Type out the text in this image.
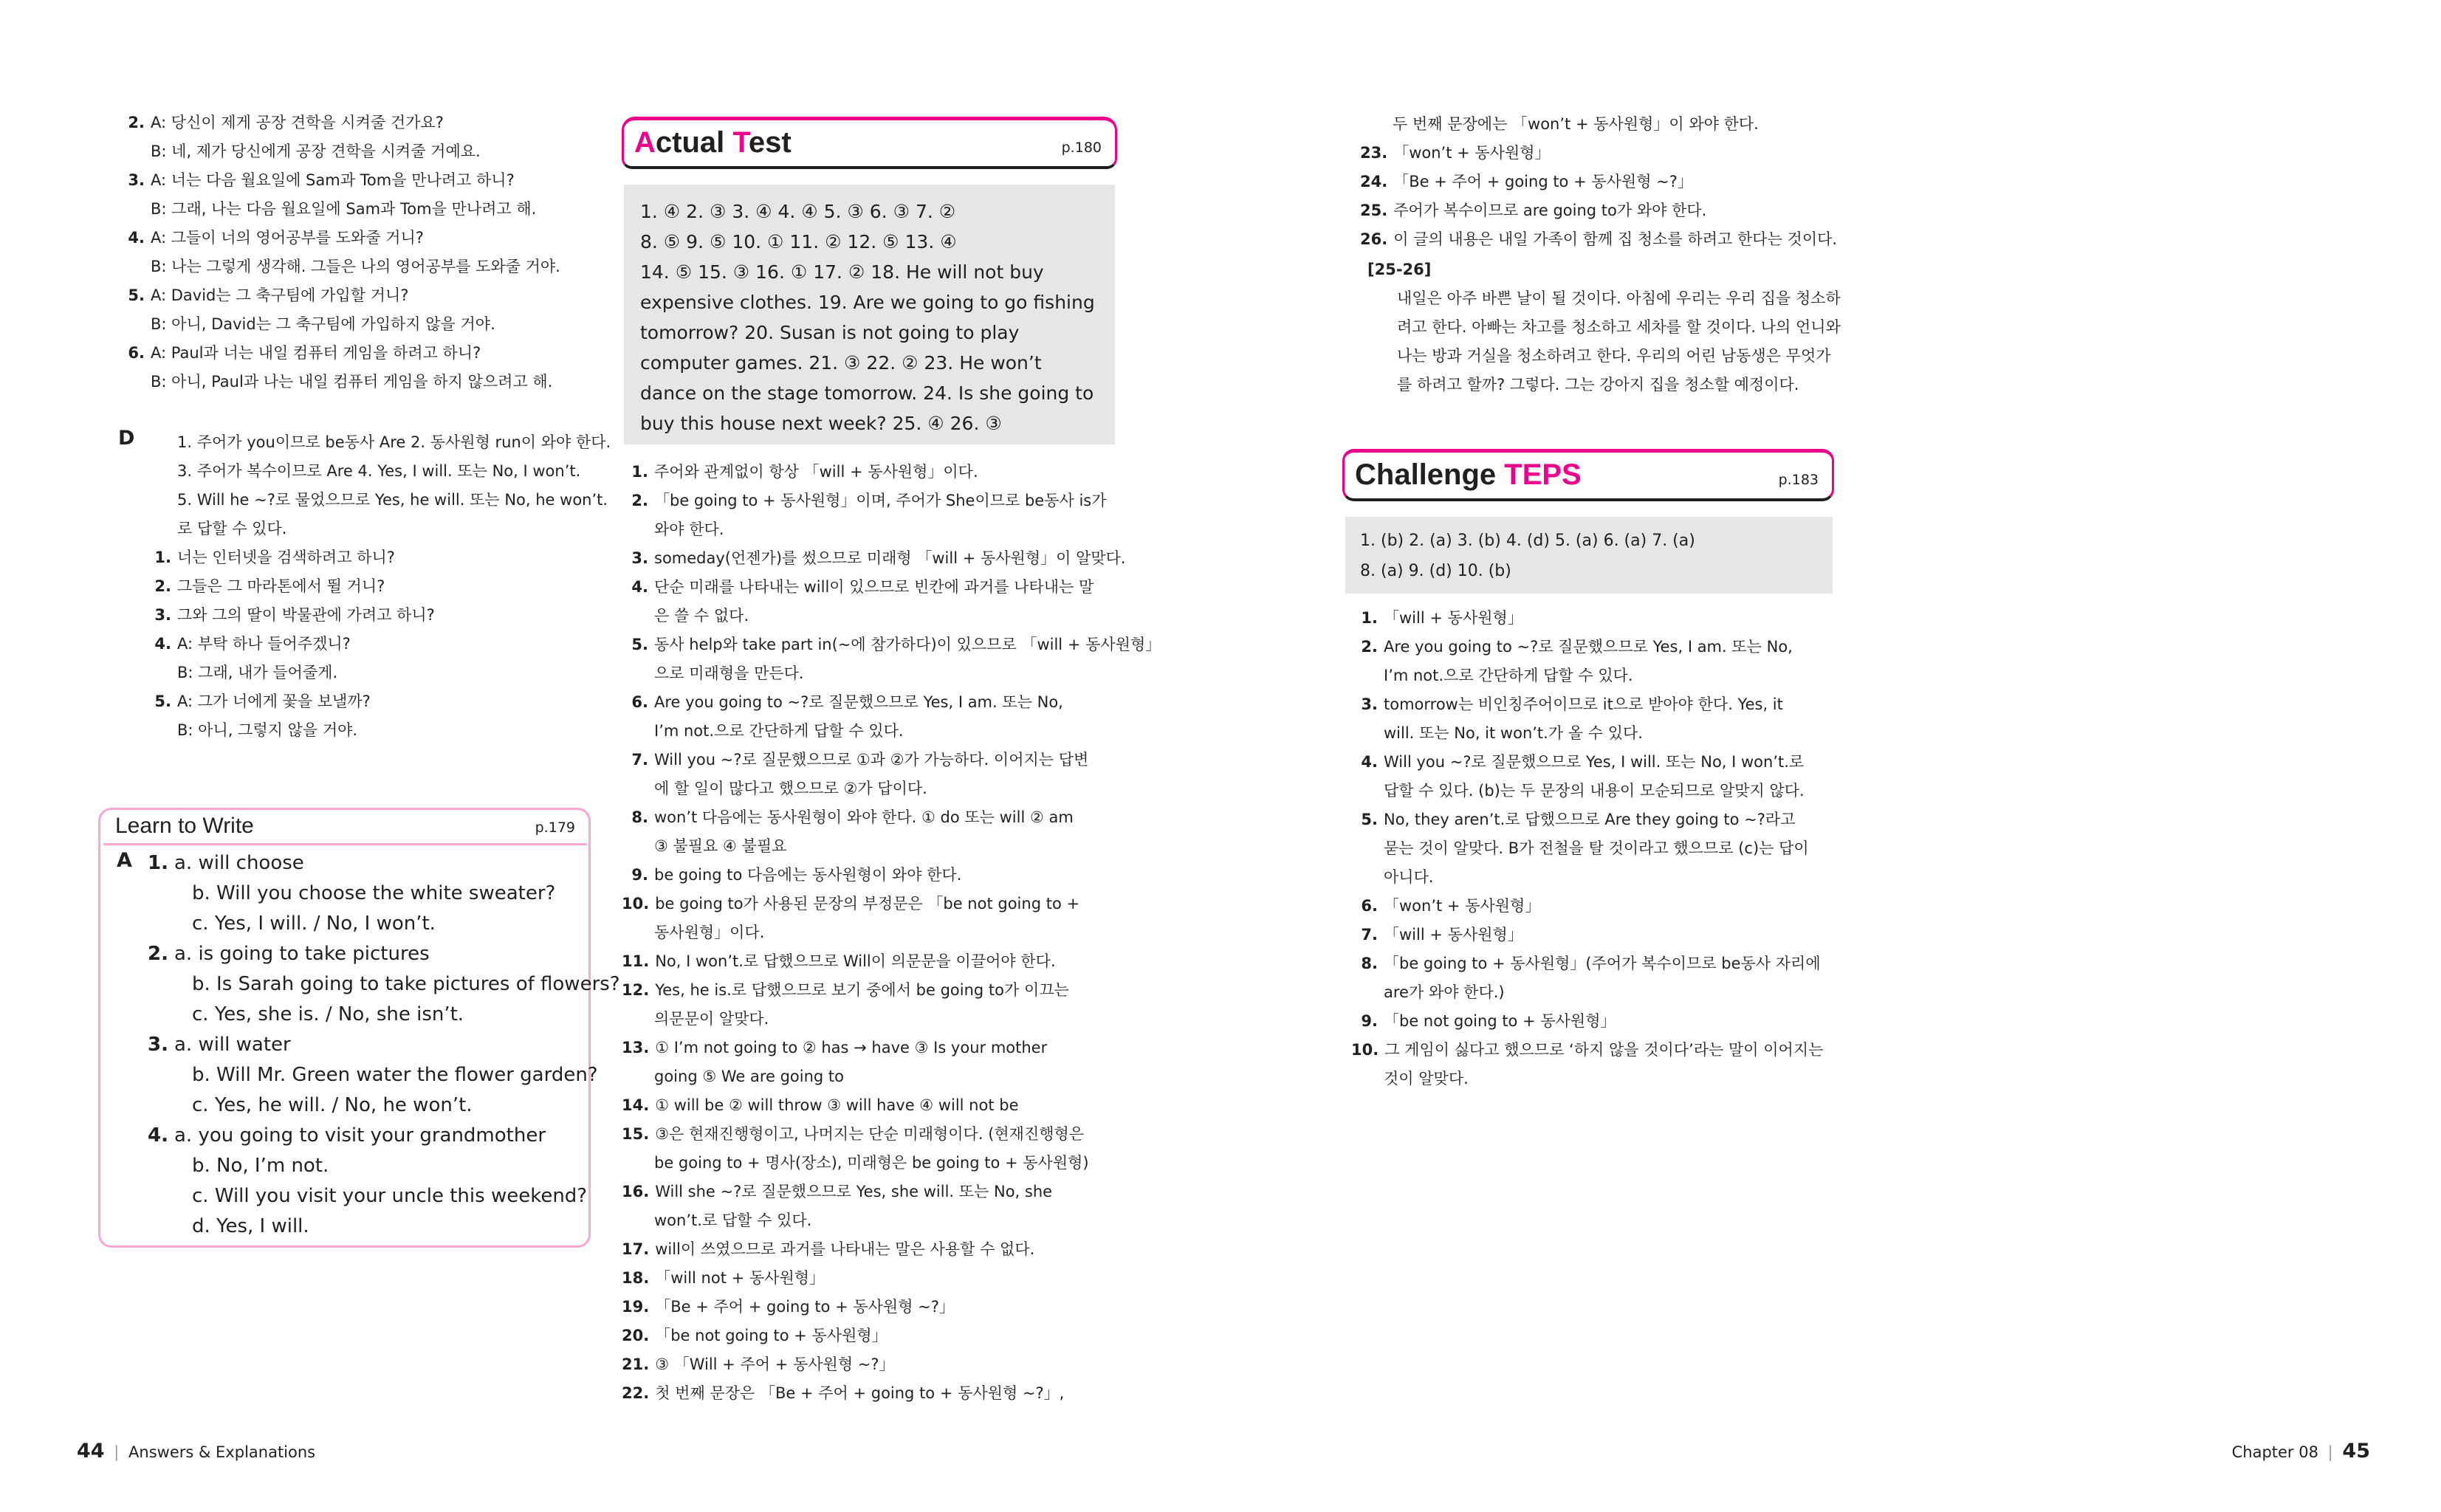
2. A: 당신이 제게 공장 견학을 시켜줄 건가요?
B: 네, 제가 당신에게 공장 견학을 시켜줄 거예요.
3. A: 너는 다음 월요일에 Sam과 Tom을 만나려고 하니?
B: 그래, 나는 다음 월요일에 Sam과 Tom을 만나려고 해.
4. A: 그들이 너의 영어공부를 도와줄 거니?
B: 나는 그렇게 생각해. 그들은 나의 영어공부를 도와줄 거야.
5. A: David는 그 축구팀에 가입할 거니?
B: 아니, David는 그 축구팀에 가입하지 않을 거야.
6. A: Paul과 너는 내일 컴퓨터 게임을 하려고 하니?
B: 아니, Paul과 나는 내일 컴퓨터 게임을 하지 않으려고 해.
D	1. 주어가 you이므로 be동사 Are 2. 동사원형 run이 와야 한다.
3. 주어가 복수이므로 Are 4. Yes, I will. 또는 No, I won’t.
5. Will he ~?로 물었으므로 Yes, he will. 또는 No, he won’t.
로 답할 수 있다.
1. 너는 인터넷을 검색하려고 하니?
2. 그들은 그 마라톤에서 뛸 거니?
3. 그와 그의 딸이 박물관에 가려고 하니?
4. A: 부탁 하나 들어주겠니?
B: 그래, 내가 들어줄게.
5. A: 그가 너에게 꽃을 보낼까?
B: 아니, 그렇지 않을 거야.
Learn to Write	p.179
A 1. a. will choose
b. Will you choose the white sweater?
c. Yes, I will. / No, I won’t.
2. a. is going to take pictures
b. Is Sarah going to take pictures of flowers?
c. Yes, she is. / No, she isn’t.
3. a. will water
b. Will Mr. Green water the flower garden?
c. Yes, he will. / No, he won’t.
4. a. you going to visit your grandmother
b. No, I’m not.
c. Will you visit your uncle this weekend?
d. Yes, I will.
Actual Test	p.180
1. ④ 2. ③ 3. ④ 4. ④ 5. ③ 6. ③ 7. ②
8. ⑤ 9. ⑤ 10. ① 11. ② 12. ⑤ 13. ④
14. ⑤ 15. ③ 16. ① 17. ② 18. He will not buy
expensive clothes. 19. Are we going to go fishing
tomorrow? 20. Susan is not going to play
computer games. 21. ③ 22. ② 23. He won’t
dance on the stage tomorrow. 24. Is she going to
buy this house next week? 25. ④ 26. ③
1. 주어와 관계없이 항상 「will + 동사원형」이다.
2. 「be going to + 동사원형」이며, 주어가 She이므로 be동사 is가
와야 한다.
3. someday(언젠가)를 썼으므로 미래형 「will + 동사원형」이 알맞다.
4. 단순 미래를 나타내는 will이 있으므로 빈칸에 과거를 나타내는 말
은 쓸 수 없다.
5. 동사 help와 take part in(~에 참가하다)이 있으므로 「will + 동사원형」
으로 미래형을 만든다.
6. Are you going to ~?로 질문했으므로 Yes, I am. 또는 No,
I’m not.으로 간단하게 답할 수 있다.
7. Will you ~?로 질문했으므로 ①과 ②가 가능하다. 이어지는 답변
에 할 일이 많다고 했으므로 ②가 답이다.
8. won’t 다음에는 동사원형이 와야 한다. ① do 또는 will ② am
③ 불필요 ④ 불필요
9. be going to 다음에는 동사원형이 와야 한다.
10. be going to가 사용된 문장의 부정문은 「be not going to +
동사원형」이다.
11. No, I won’t.로 답했으므로 Will이 의문문을 이끌어야 한다.
12. Yes, he is.로 답했으므로 보기 중에서 be going to가 이끄는
의문문이 알맞다.
13. ① I’m not going to ② has → have ③ Is your mother
going ⑤ We are going to
14. ① will be ② will throw ③ will have ④ will not be
15. ③은 현재진행형이고, 나머지는 단순 미래형이다. (현재진행형은
be going to + 명사(장소), 미래형은 be going to + 동사원형)
16. Will she ~?로 질문했으므로 Yes, she will. 또는 No, she
won’t.로 답할 수 있다.
17. will이 쓰였으므로 과거를 나타내는 말은 사용할 수 없다.
18. 「will not + 동사원형」
19. 「Be + 주어 + going to + 동사원형 ~?」
20. 「be not going to + 동사원형」
21. ③ 「Will + 주어 + 동사원형 ~?」
22. 첫 번째 문장은 「Be + 주어 + going to + 동사원형 ~?」,
두 번째 문장에는 「won’t + 동사원형」이 와야 한다.
23. 「won’t + 동사원형」
24. 「Be + 주어 + going to + 동사원형 ~?」
25. 주어가 복수이므로 are going to가 와야 한다.
26. 이 글의 내용은 내일 가족이 함께 집 청소를 하려고 한다는 것이다.
[25-26]
내일은 아주 바쁜 날이 될 것이다. 아침에 우리는 우리 집을 청소하
려고 한다. 아빠는 차고를 청소하고 세차를 할 것이다. 나의 언니와
나는 방과 거실을 청소하려고 한다. 우리의 어린 남동생은 무엇가
를 하려고 할까? 그렇다. 그는 강아지 집을 청소할 예정이다.
Challenge TEPS	p.183
1. (b) 2. (a) 3. (b) 4. (d) 5. (a) 6. (a) 7. (a)
8. (a) 9. (d) 10. (b)
1. 「will + 동사원형」
2. Are you going to ~?로 질문했으므로 Yes, I am. 또는 No,
I’m not.으로 간단하게 답할 수 있다.
3. tomorrow는 비인칭주어이므로 it으로 받아야 한다. Yes, it
will. 또는 No, it won’t.가 올 수 있다.
4. Will you ~?로 질문했으므로 Yes, I will. 또는 No, I won’t.로
답할 수 있다. (b)는 두 문장의 내용이 모순되므로 알맞지 않다.
5. No, they aren’t.로 답했으므로 Are they going to ~?라고
묻는 것이 알맞다. B가 전철을 탈 것이라고 했으므로 (c)는 답이
아니다.
6. 「won’t + 동사원형」
7. 「will + 동사원형」
8. 「be going to + 동사원형」(주어가 복수이므로 be동사 자리에
are가 와야 한다.)
9. 「be not going to + 동사원형」
10. 그 게임이 싫다고 했으므로 ‘하지 않을 것이다’라는 말이 이어지는
것이 알맞다.
44 | Answers & Explanations	Chapter 08 | 45
